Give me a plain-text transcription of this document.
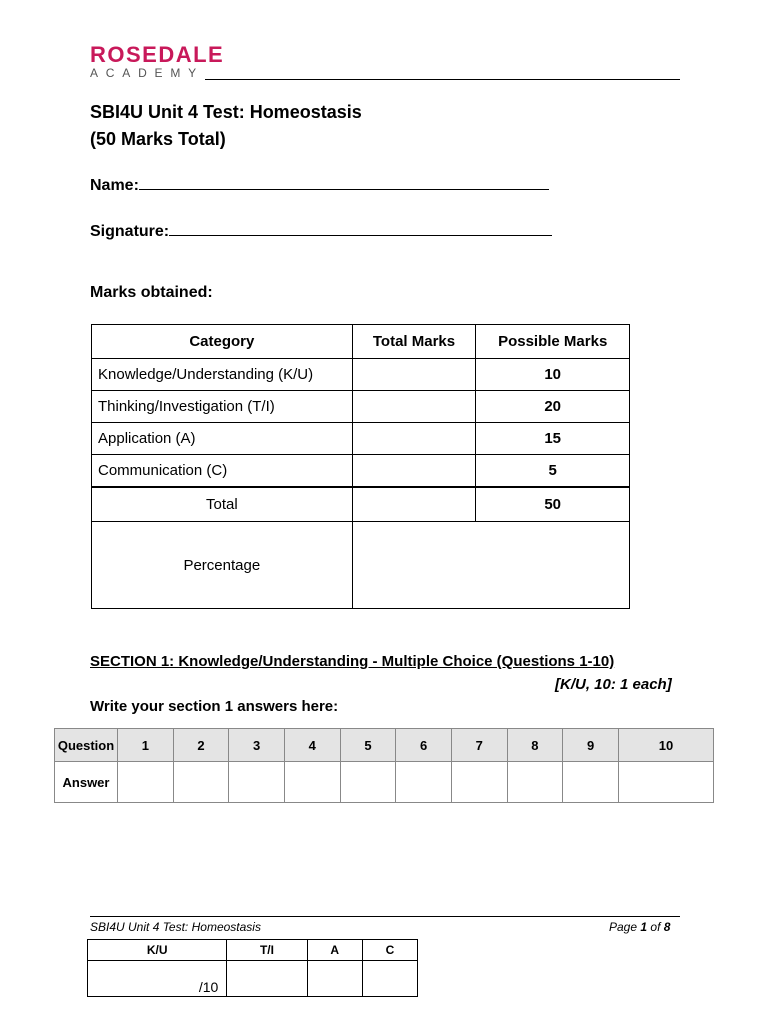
ROSEDALE
ACADEMY
SBI4U Unit 4 Test: Homeostasis
(50 Marks Total)
Name:
Signature:
Marks obtained:
Category	Total Marks	Possible Marks
Knowledge/Understanding (K/U)		10
Thinking/Investigation (T/I)		20
Application (A)		15
Communication (C)		5
Total		50
Percentage		
SECTION 1: Knowledge/Understanding - Multiple Choice (Questions 1-10)
[K/U, 10: 1 each]
Write your section 1 answers here:
Question	1	2	3	4	5	6	7	8	9	10
Answer										
SBI4U Unit 4 Test: Homeostasis	Page 1 of 8
K/U	T/I	A	C
/10			
